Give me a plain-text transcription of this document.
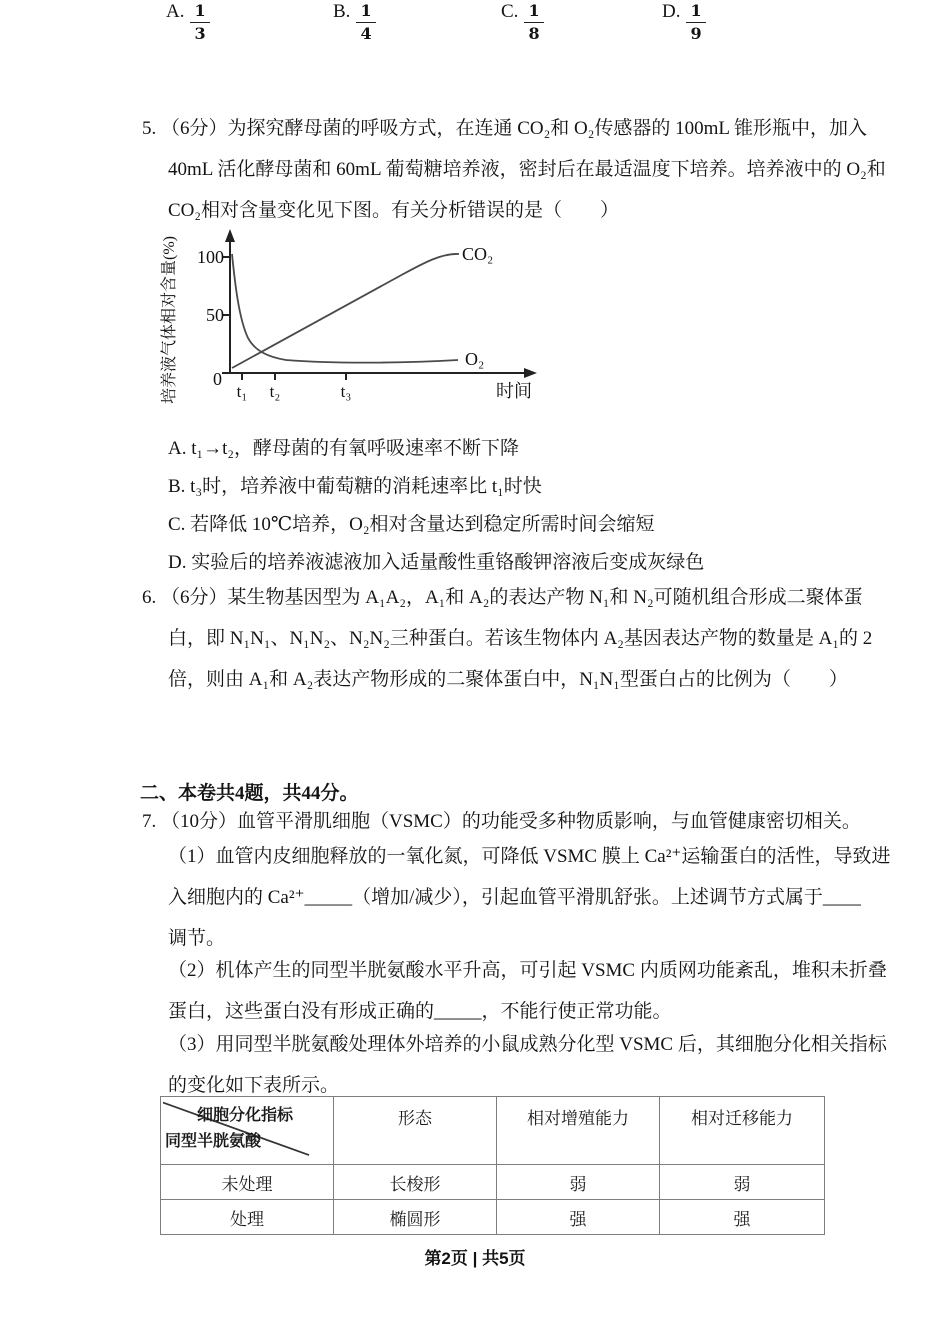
5. （6分）为探究酵母菌的呼吸方式，在连通 CO₂和 O₂传感器的 100mL 锥形瓶中，加入
40mL 活化酵母菌和 60mL 葡萄糖培养液，密封后在最适温度下培养。培养液中的 O₂和
CO₂相对含量变化见下图。有关分析错误的是（　　）
培养液气体相对含量(%) 100
50
0
t₁ t₂	t₃	时间
CO₂
O₂
A. t₁→t₂，酵母菌的有氧呼吸速率不断下降
B. t₃时，培养液中葡萄糖的消耗速率比 t₁时快
C. 若降低 10℃培养，O₂相对含量达到稳定所需时间会缩短
D. 实验后的培养液滤液加入适量酸性重铬酸钾溶液后变成灰绿色
6. （6分）某生物基因型为 A₁A₂，A₁和 A₂的表达产物 N₁和 N₂可随机组合形成二聚体蛋
白，即 N₁N₁、N₁N₂、N₂N₂三种蛋白。若该生物体内 A₂基因表达产物的数量是 A₁的 2
倍，则由 A₁和 A₂表达产物形成的二聚体蛋白中，N₁N₁型蛋白占的比例为（　　）
A. $\frac{1}{3}$	B. $\frac{1}{4}$	C. $\frac{1}{8}$	D. $\frac{1}{9}$
二、本卷共4题，共44分。
7. （10分）血管平滑肌细胞（VSMC）的功能受多种物质影响，与血管健康密切相关。
（1）血管内皮细胞释放的一氧化氮，可降低 VSMC 膜上 Ca²⁺运输蛋白的活性，导致进
入细胞内的 Ca²⁺_____（增加/减少），引起血管平滑肌舒张。上述调节方式属于____
调节。
（2）机体产生的同型半胱氨酸水平升高，可引起 VSMC 内质网功能紊乱，堆积未折叠
蛋白，这些蛋白没有形成正确的_____，不能行使正常功能。
（3）用同型半胱氨酸处理体外培养的小鼠成熟分化型 VSMC 后，其细胞分化相关指标
的变化如下表所示。
细胞分化指标
同型半胱氨酸	形态	相对增殖能力	相对迁移能力
未处理	长梭形	弱	弱
处理	椭圆形	强	强
第2页 | 共5页
